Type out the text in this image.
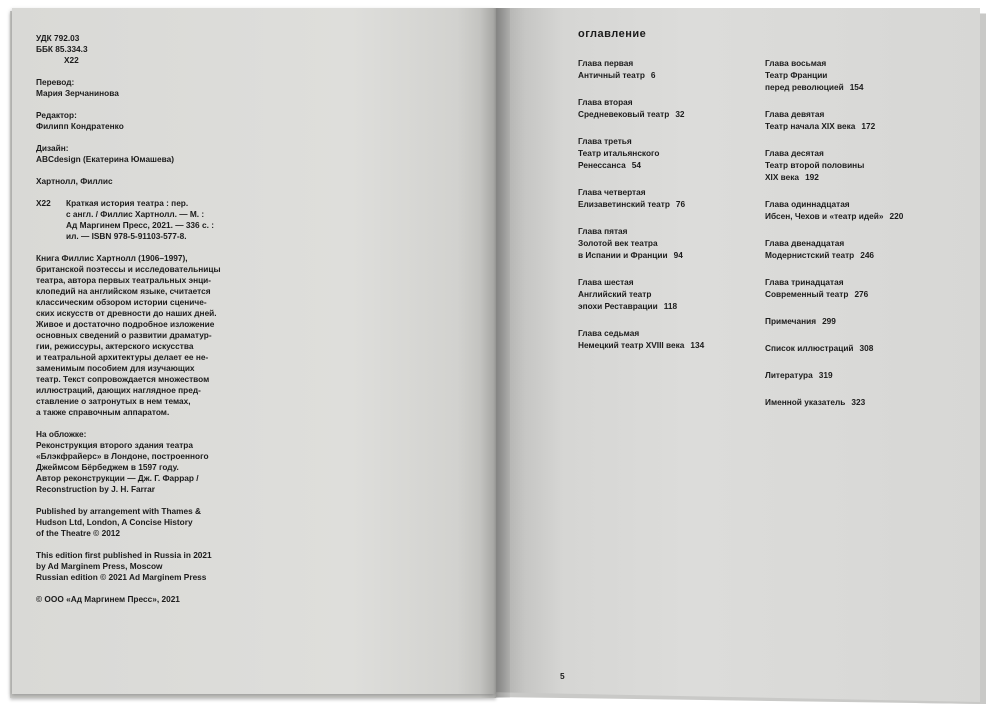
УДК 792.03
ББК 85.334.3
Х22

Перевод:
Мария Зерчанинова

Редактор:
Филипп Кондратенко

Дизайн:
ABCdesign (Екатерина Юмашева)

Хартнолл, Филлис

Х22 Краткая история театра : пер.
с англ. / Филлис Хартнолл. — М. :
Ад Маргинем Пресс, 2021. — 336 с. :
ил. — ISBN 978-5-91103-577-8.

Книга Филлис Хартнолл (1906–1997),
британской поэтессы и исследовательницы
театра, автора первых театральных энци-
клопедий на английском языке, считается
классическим обзором истории сцениче-
ских искусств от древности до наших дней.
Живое и достаточно подробное изложение
основных сведений о развитии драматур-
гии, режиссуры, актерского искусства
и театральной архитектуры делает ее не-
заменимым пособием для изучающих
театр. Текст сопровождается множеством
иллюстраций, дающих наглядное пред-
ставление о затронутых в нем темах,
а также справочным аппаратом.

На обложке:
Реконструкция второго здания театра
«Блэкфрайерс» в Лондоне, построенного
Джеймсом Бёрбеджем в 1597 году.
Автор реконструкции — Дж. Г. Фаррар /
Reconstruction by J. H. Farrar

Published by arrangement with Thames &
Hudson Ltd, London, A Concise History
of the Theatre © 2012

This edition first published in Russia in 2021
by Ad Marginem Press, Moscow
Russian edition © 2021 Ad Marginem Press

© ООО «Ад Маргинем Пресс», 2021

оглавление
Глава первая
Античный театр 6
Глава вторая
Средневековый театр 32
Глава третья
Театр итальянского
Ренессанса 54
Глава четвертая
Елизаветинский театр 76
Глава пятая
Золотой век театра
в Испании и Франции 94
Глава шестая
Английский театр
эпохи Реставрации 118
Глава седьмая
Немецкий театр XVIII века 134
Глава восьмая
Театр Франции
перед революцией 154
Глава девятая
Театр начала XIX века 172
Глава десятая
Театр второй половины
XIX века 192
Глава одиннадцатая
Ибсен, Чехов и «театр идей» 220
Глава двенадцатая
Модернистский театр 246
Глава тринадцатая
Современный театр 276
Примечания 299
Список иллюстраций 308
Литература 319
Именной указатель 323
5
